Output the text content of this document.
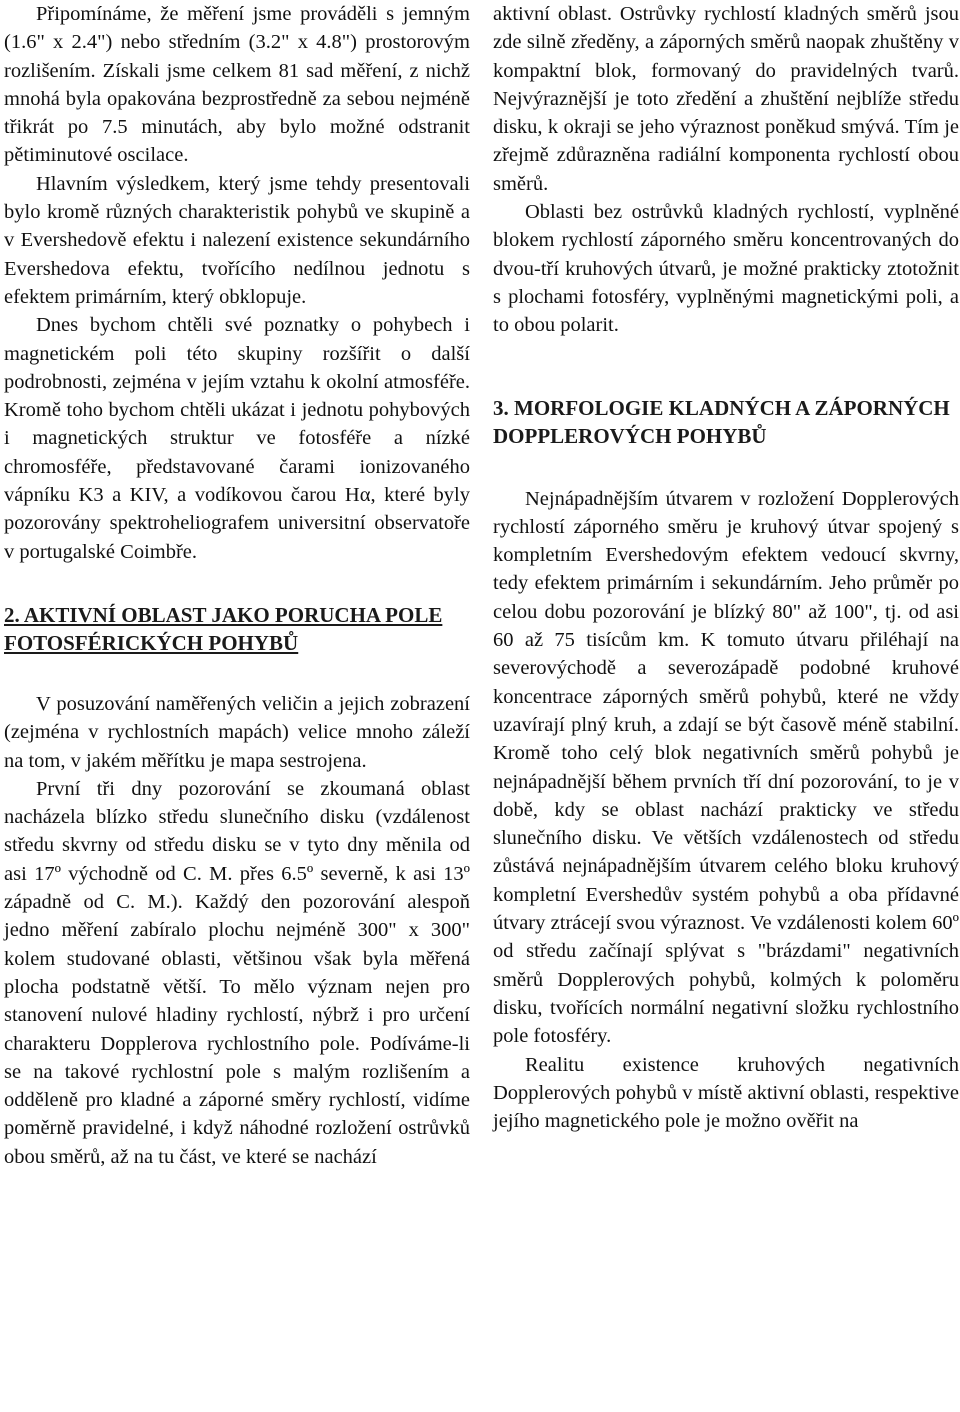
Připomínáme, že měření jsme prováděli s jemným (1.6" x 2.4") nebo středním (3.2" x 4.8") prostorovým rozlišením. Získali jsme celkem 81 sad měření, z nichž mnohá byla opakována bezprostředně za sebou nejméně třikrát po 7.5 minutách, aby bylo možné odstranit pětiminutové oscilace.

Hlavním výsledkem, který jsme tehdy presentovali bylo kromě různých charakteristik pohybů ve skupině a v Evershedově efektu i nalezení existence sekundárního Evershedova efektu, tvořícího nedílnou jednotu s efektem primárním, který obklopuje.

Dnes bychom chtěli své poznatky o pohybech i magnetickém poli této skupiny rozšířit o další podrobnosti, zejména v jejím vztahu k okolní atmosféře. Kromě toho bychom chtěli ukázat i jednotu pohybových i magnetických struktur ve fotosféře a nízké chromosféře, představované čarami ionizovaného vápníku K3 a KIV, a vodíkovou čarou Hα, které byly pozorovány spektroheliografem universitní observatoře v portugalské Coimbře.

2. AKTIVNÍ OBLAST JAKO PORUCHA POLE FOTOSFÉRICKÝCH POHYBŮ

V posuzování naměřených veličin a jejich zobrazení (zejména v rychlostních mapách) velice mnoho záleží na tom, v jakém měřítku je mapa sestrojena.

První tři dny pozorování se zkoumaná oblast nacházela blízko středu slunečního disku (vzdálenost středu skvrny od středu disku se v tyto dny měnila od asi 17º východně od C. M. přes 6.5º severně, k asi 13º západně od C. M.). Každý den pozorování alespoň jedno měření zabíralo plochu nejméně 300" x 300" kolem studované oblasti, většinou však byla měřená plocha podstatně větší. To mělo význam nejen pro stanovení nulové hladiny rychlostí, nýbrž i pro určení charakteru Dopplerova rychlostního pole. Podíváme-li se na takové rychlostní pole s malým rozlišením a odděleně pro kladné a záporné směry rychlostí, vidíme poměrně pravidelné, i když náhodné rozložení ostrůvků obou směrů, až na tu část, ve které se nachází

aktivní oblast. Ostrůvky rychlostí kladných směrů jsou zde silně zředěny, a záporných směrů naopak zhuštěny v kompaktní blok, formovaný do pravidelných tvarů. Nejvýraznější je toto zředění a zhuštění nejblíže středu disku, k okraji se jeho výraznost poněkud smývá. Tím je zřejmě zdůrazněna radiální komponenta rychlostí obou směrů.

Oblasti bez ostrůvků kladných rychlostí, vyplněné blokem rychlostí záporného směru koncentrovaných do dvou-tří kruhových útvarů, je možné prakticky ztotožnit s plochami fotosféry, vyplněnými magnetickými poli, a to obou polarit.

3. MORFOLOGIE KLADNÝCH A ZÁPORNÝCH DOPPLEROVÝCH POHYBŮ

Nejnápadnějším útvarem v rozložení Dopplerových rychlostí záporného směru je kruhový útvar spojený s kompletním Evershedovým efektem vedoucí skvrny, tedy efektem primárním i sekundárním. Jeho průměr po celou dobu pozorování je blízký 80" až 100", tj. od asi 60 až 75 tisícům km. K tomuto útvaru přiléhají na severovýchodě a severozápadě podobné kruhové koncentrace záporných směrů pohybů, které ne vždy uzavírají plný kruh, a zdají se být časově méně stabilní. Kromě toho celý blok negativních směrů pohybů je nejnápadnější během prvních tří dní pozorování, to je v době, kdy se oblast nachází prakticky ve středu slunečního disku. Ve větších vzdálenostech od středu zůstává nejnápadnějším útvarem celého bloku kruhový kompletní Evershedův systém pohybů a oba přídavné útvary ztrácejí svou výraznost. Ve vzdálenosti kolem 60º od středu začínají splývat s "brázdami" negativních směrů Dopplerových pohybů, kolmých k poloměru disku, tvořících normální negativní složku rychlostního pole fotosféry.

Realitu existence kruhových negativních Dopplerových pohybů v místě aktivní oblasti, respektive jejího magnetického pole je možno ověřit na
